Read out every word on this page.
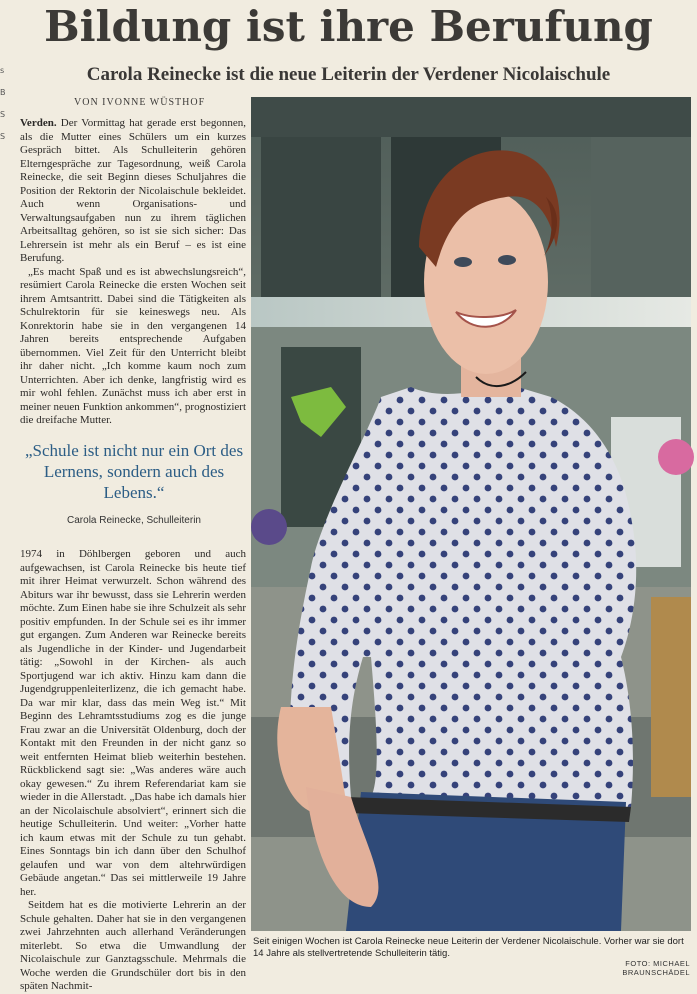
s
B
S
S
Bildung ist ihre Berufung
Carola Reinecke ist die neue Leiterin der Verdener Nicolaischule
VON IVONNE WÜSTHOF

Verden. Der Vormittag hat gerade erst begonnen, als die Mutter eines Schülers um ein kurzes Gespräch bittet. Als Schulleiterin gehören Elterngespräche zur Tagesordnung, weiß Carola Reinecke, die seit Beginn dieses Schuljahres die Position der Rektorin der Nicolaischule bekleidet. Auch wenn Organisations- und Verwaltungsaufgaben nun zu ihrem täglichen Arbeitsalltag gehören, so ist sie sich sicher: Das Lehrersein ist mehr als ein Beruf – es ist eine Berufung.

„Es macht Spaß und es ist abwechslungsreich“, resümiert Carola Reinecke die ersten Wochen seit ihrem Amtsantritt. Dabei sind die Tätigkeiten als Schulrektorin für sie keineswegs neu. Als Konrektorin habe sie in den vergangenen 14 Jahren bereits entsprechende Aufgaben übernommen. Viel Zeit für den Unterricht bleibt ihr daher nicht. „Ich komme kaum noch zum Unterrichten. Aber ich denke, langfristig wird es mir wohl fehlen. Zunächst muss ich aber erst in meiner neuen Funktion ankommen“, prognostiziert die dreifache Mutter.

„Schule ist nicht nur ein Ort des Lernens, sondern auch des Lebens.“
Carola Reinecke, Schulleiterin

1974 in Döhlbergen geboren und auch aufgewachsen, ist Carola Reinecke bis heute tief mit ihrer Heimat verwurzelt. Schon während des Abiturs war ihr bewusst, dass sie Lehrerin werden möchte. Zum Einen habe sie ihre Schulzeit als sehr positiv empfunden. In der Schule sei es ihr immer gut ergangen. Zum Anderen war Reinecke bereits als Jugendliche in der Kinder- und Jugendarbeit tätig: „Sowohl in der Kirchen- als auch Sportjugend war ich aktiv. Hinzu kam dann die Jugendgruppenleiterlizenz, die ich gemacht habe. Da war mir klar, dass das mein Weg ist.“ Mit Beginn des Lehramtsstudiums zog es die junge Frau zwar an die Universität Oldenburg, doch der Kontakt mit den Freunden in der nicht ganz so weit entfernten Heimat blieb weiterhin bestehen. Rückblickend sagt sie: „Was anderes wäre auch okay gewesen.“ Zu ihrem Referendariat kam sie wieder in die Allerstadt. „Das habe ich damals hier an der Nicolaischule absolviert“, erinnert sich die heutige Schulleiterin. Und weiter: „Vorher hatte ich kaum etwas mit der Schule zu tun gehabt. Eines Sonntags bin ich dann über den Schulhof gelaufen und war von dem altehrwürdigen Gebäude angetan.“ Das sei mittlerweile 19 Jahre her.

Seitdem hat es die motivierte Lehrerin an der Schule gehalten. Daher hat sie in den vergangenen zwei Jahrzehnten auch allerhand Veränderungen miterlebt. So etwa die Umwandlung der Nicolaischule zur Ganztagsschule. Mehrmals die Woche werden die Grundschüler dort bis in den späten Nachmit-

Seit einigen Wochen ist Carola Reinecke neue Leiterin der Verdener Nicolaischule. Vorher war sie dort 14 Jahre als stellvertretende Schulleiterin tätig.
FOTO: MICHAEL BRAUNSCHÄDEL
